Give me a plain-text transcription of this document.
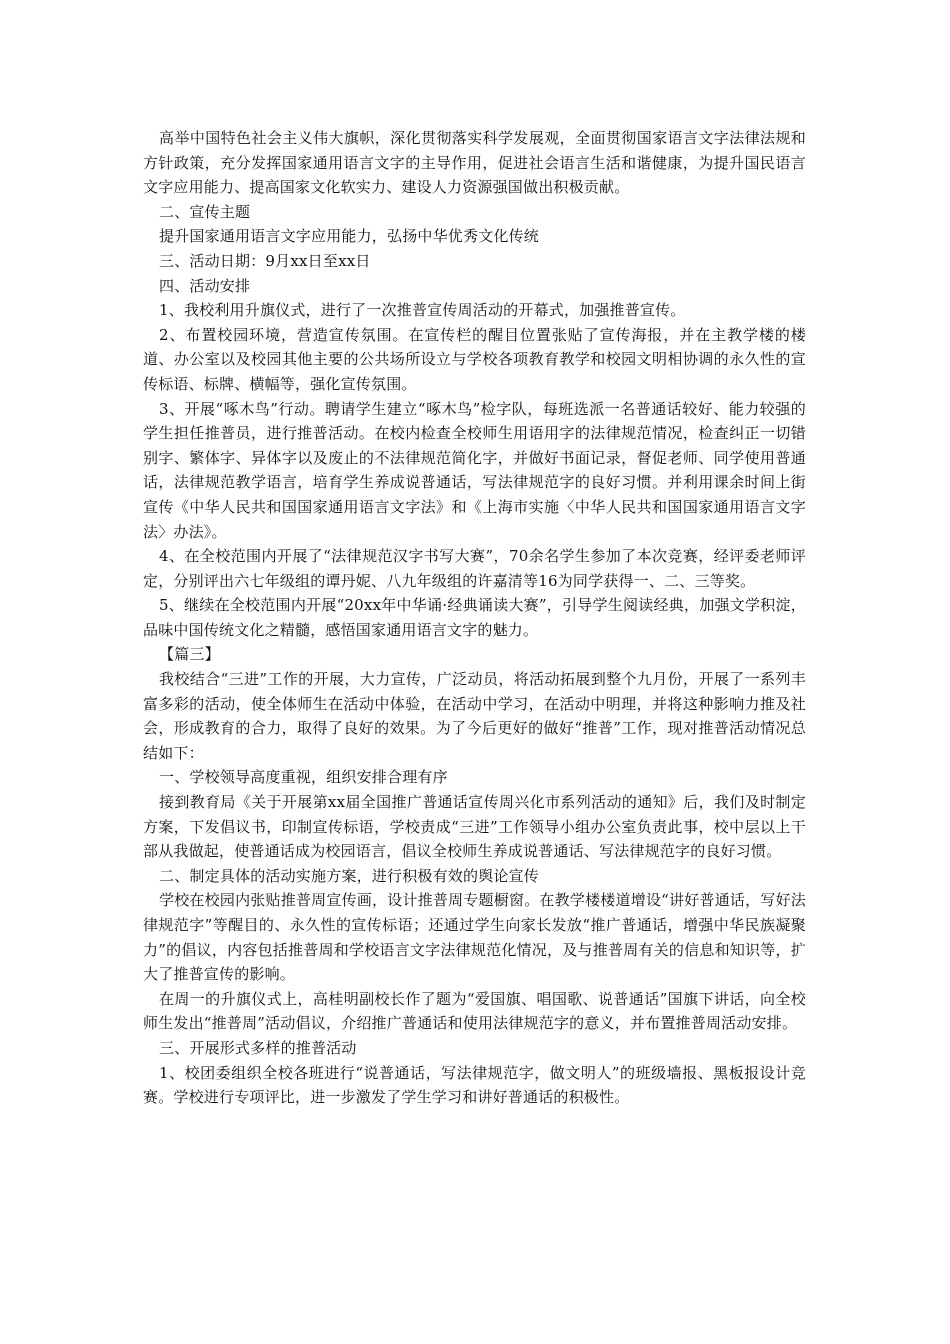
高举中国特色社会主义伟大旗帜，深化贯彻落实科学发展观，全面贯彻国家语言文字法律法规和方针政策，充分发挥国家通用语言文字的主导作用，促进社会语言生活和谐健康，为提升国民语言文字应用能力、提高国家文化软实力、建设人力资源强国做出积极贡献。

二、宣传主题

提升国家通用语言文字应用能力，弘扬中华优秀文化传统

三、活动日期：9月xx日至xx日

四、活动安排

1、我校利用升旗仪式，进行了一次推普宣传周活动的开幕式，加强推普宣传。

2、布置校园环境，营造宣传氛围。在宣传栏的醒目位置张贴了宣传海报，并在主教学楼的楼道、办公室以及校园其他主要的公共场所设立与学校各项教育教学和校园文明相协调的永久性的宣传标语、标牌、横幅等，强化宣传氛围。

3、开展“啄木鸟”行动。聘请学生建立“啄木鸟”检字队，每班选派一名普通话较好、能力较强的学生担任推普员，进行推普活动。在校内检查全校师生用语用字的法律规范情况，检查纠正一切错别字、繁体字、异体字以及废止的不法律规范简化字，并做好书面记录，督促老师、同学使用普通话，法律规范教学语言，培育学生养成说普通话，写法律规范字的良好习惯。并利用课余时间上街宣传《中华人民共和国国家通用语言文字法》和《上海市实施〈中华人民共和国国家通用语言文字法〉办法》。

4、在全校范围内开展了“法律规范汉字书写大赛”，70余名学生参加了本次竞赛，经评委老师评定，分别评出六七年级组的谭丹妮、八九年级组的许嘉清等16为同学获得一、二、三等奖。

5、继续在全校范围内开展“20xx年中华诵·经典诵读大赛”，引导学生阅读经典，加强文学积淀，品味中国传统文化之精髓，感悟国家通用语言文字的魅力。

【篇三】

我校结合“三进”工作的开展，大力宣传，广泛动员，将活动拓展到整个九月份，开展了一系列丰富多彩的活动，使全体师生在活动中体验，在活动中学习，在活动中明理，并将这种影响力推及社会，形成教育的合力，取得了良好的效果。为了今后更好的做好“推普”工作，现对推普活动情况总结如下：

一、学校领导高度重视，组织安排合理有序

接到教育局《关于开展第xx届全国推广普通话宣传周兴化市系列活动的通知》后，我们及时制定方案，下发倡议书，印制宣传标语，学校责成“三进”工作领导小组办公室负责此事，校中层以上干部从我做起，使普通话成为校园语言，倡议全校师生养成说普通话、写法律规范字的良好习惯。

二、制定具体的活动实施方案，进行积极有效的舆论宣传

学校在校园内张贴推普周宣传画，设计推普周专题橱窗。在教学楼楼道增设“讲好普通话，写好法律规范字”等醒目的、永久性的宣传标语；还通过学生向家长发放“推广普通话，增强中华民族凝聚力”的倡议，内容包括推普周和学校语言文字法律规范化情况，及与推普周有关的信息和知识等，扩大了推普宣传的影响。

在周一的升旗仪式上，高桂明副校长作了题为“爱国旗、唱国歌、说普通话”国旗下讲话，向全校师生发出“推普周”活动倡议，介绍推广普通话和使用法律规范字的意义，并布置推普周活动安排。

三、开展形式多样的推普活动

1、校团委组织全校各班进行“说普通话，写法律规范字，做文明人”的班级墙报、黑板报设计竞赛。学校进行专项评比，进一步激发了学生学习和讲好普通话的积极性。
